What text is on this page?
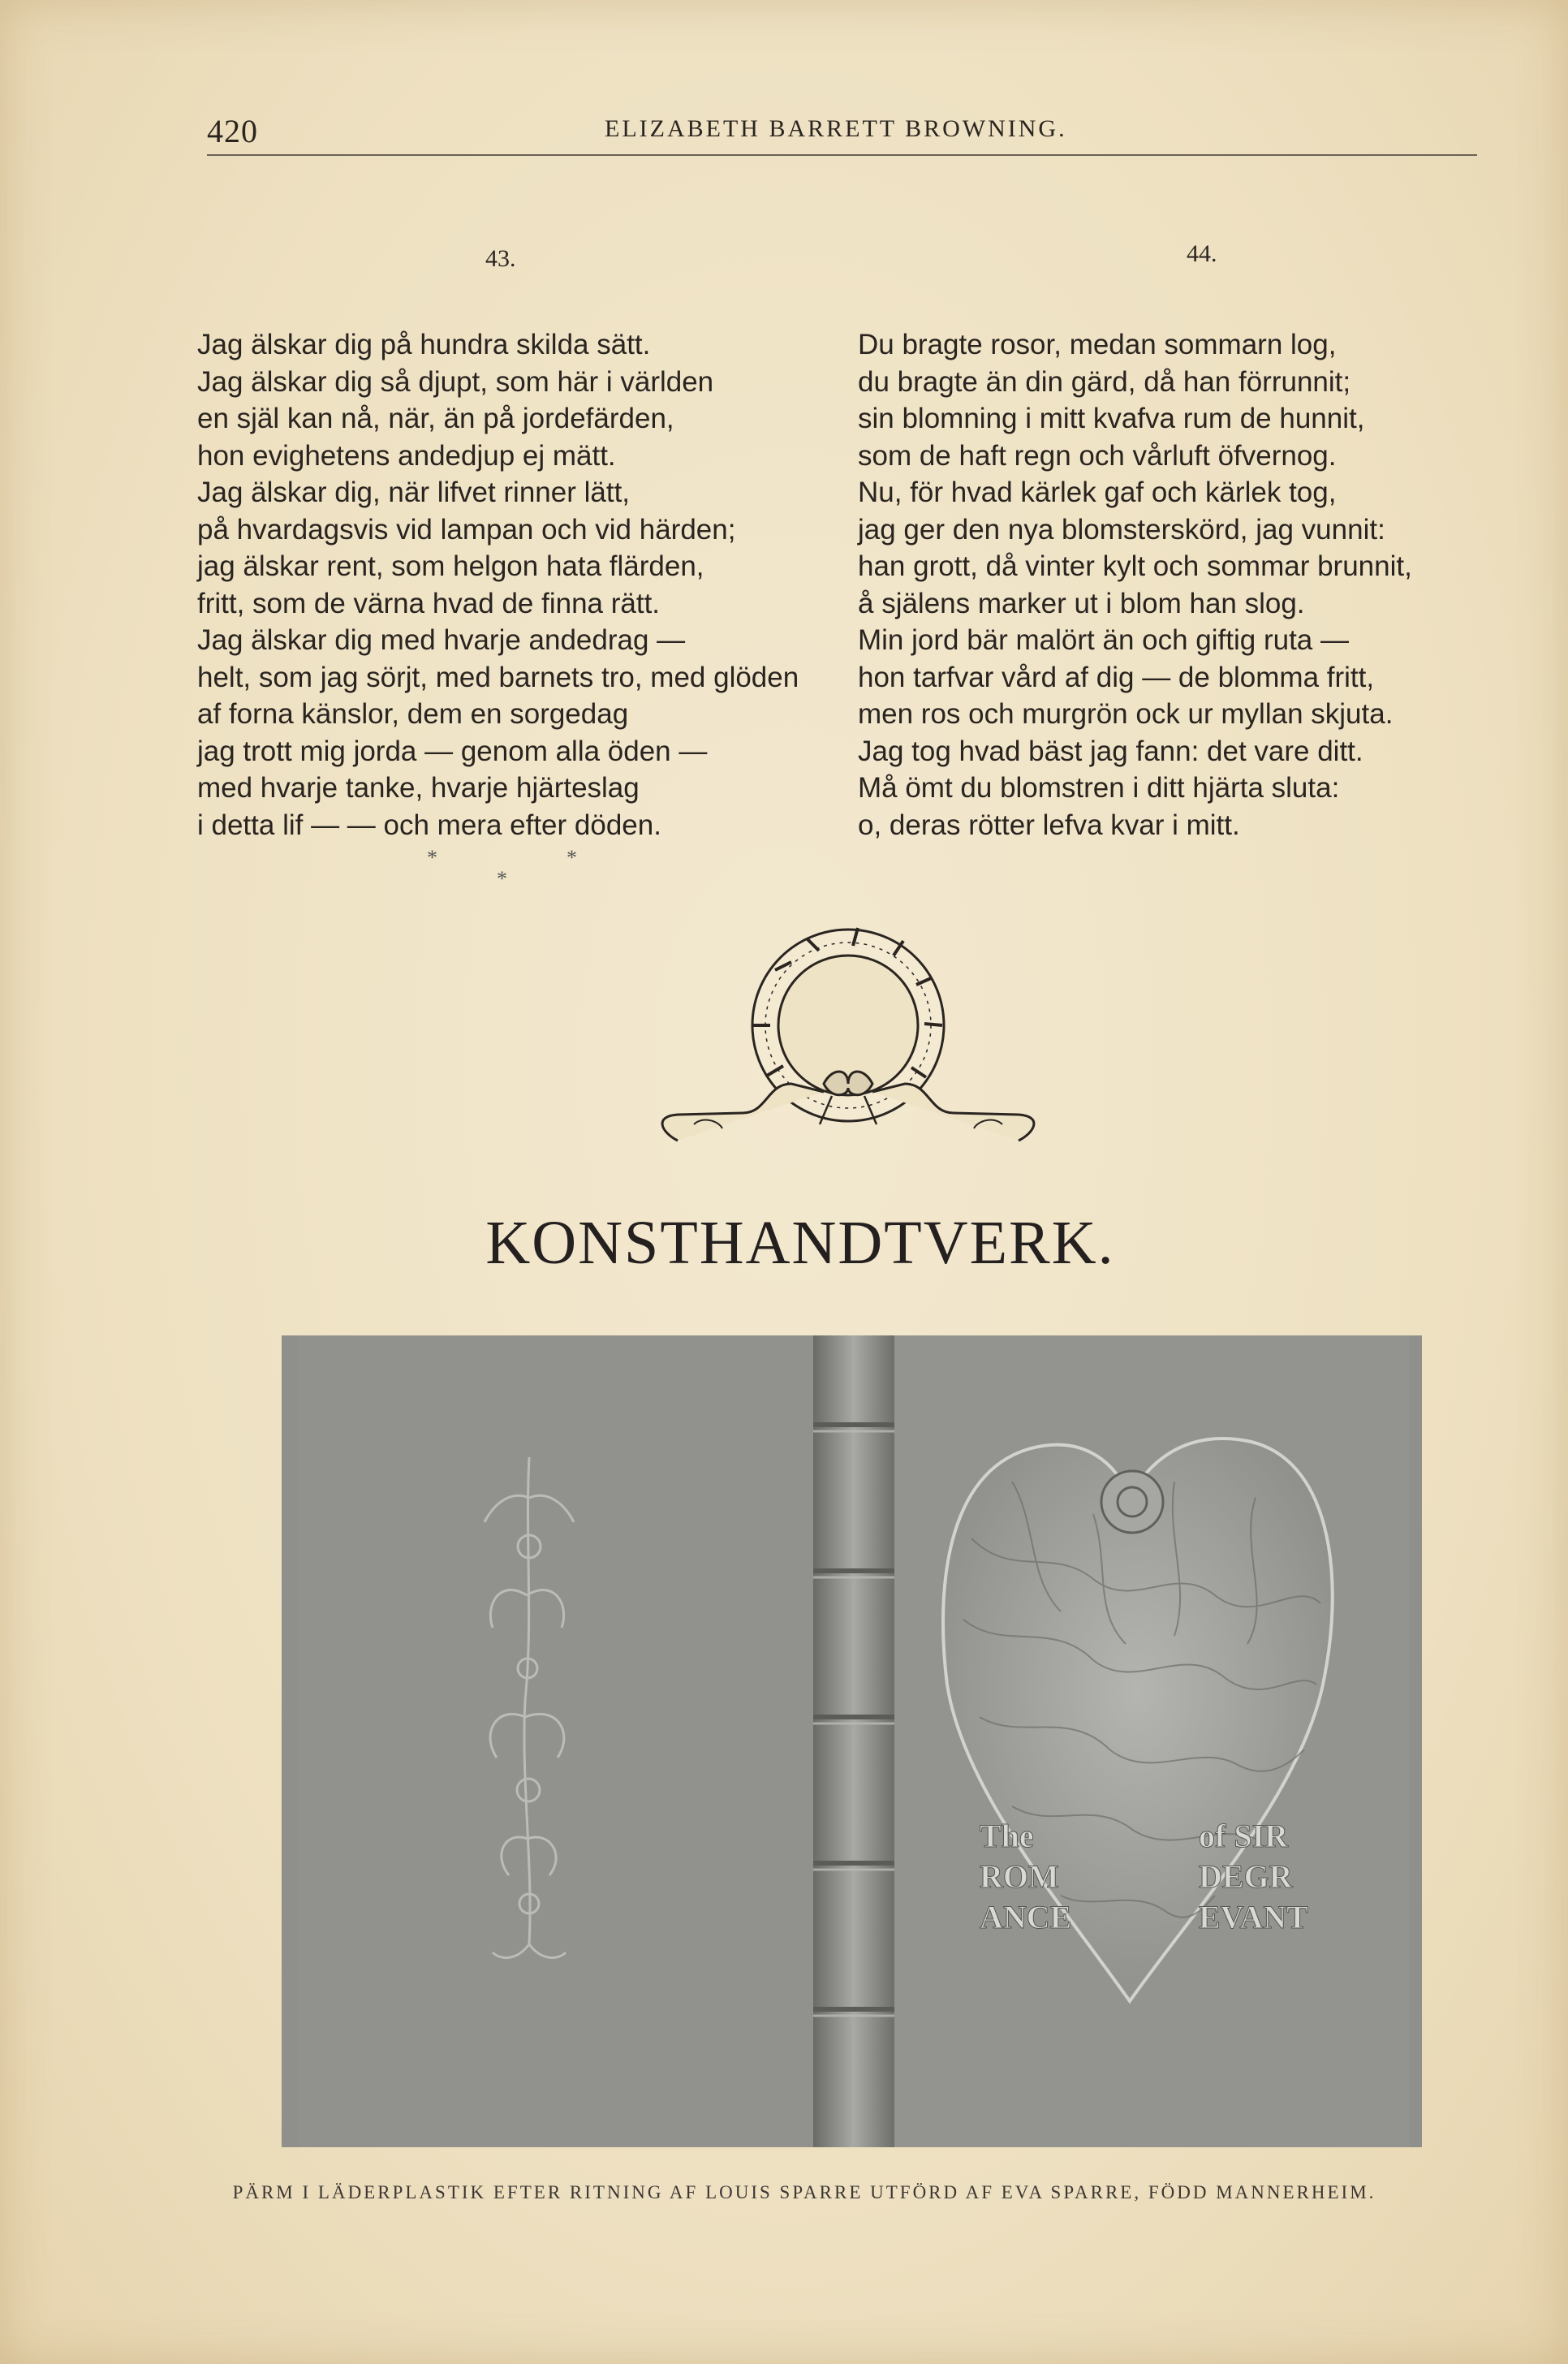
420	ELIZABETH BARRETT BROWNING.
43.	44.
Jag älskar dig på hundra skilda sätt.
Jag älskar dig så djupt, som här i världen
en själ kan nå, när, än på jordefärden,
hon evighetens andedjup ej mätt.
Jag älskar dig, när lifvet rinner lätt,
på hvardagsvis vid lampan och vid härden;
jag älskar rent, som helgon hata flärden,
fritt, som de värna hvad de finna rätt.
Jag älskar dig med hvarje andedrag —
helt, som jag sörjt, med barnets tro, med glöden
af forna känslor, dem en sorgedag
jag trott mig jorda — genom alla öden —
med hvarje tanke, hvarje hjärteslag
i detta lif — — och mera efter döden.
Du bragte rosor, medan sommarn log,
du bragte än din gärd, då han förrunnit;
sin blomning i mitt kvafva rum de hunnit,
som de haft regn och vårluft öfvernog.
Nu, för hvad kärlek gaf och kärlek tog,
jag ger den nya blomsterskörd, jag vunnit:
han grott, då vinter kylt och sommar brunnit,
å själens marker ut i blom han slog.
Min jord bär malört än och giftig ruta —
hon tarfvar vård af dig — de blomma fritt,
men ros och murgrön ock ur myllan skjuta.
Jag tog hvad bäst jag fann: det vare ditt.
Må ömt du blomstren i ditt hjärta sluta:
o, deras rötter lefva kvar i mitt.
*
*
*
KONSTHANDTVERK.
The
ROM
ANCE
of SIR
DEGR
EVANT
PÄRM I LÄDERPLASTIK EFTER RITNING AF LOUIS SPARRE UTFÖRD AF EVA SPARRE, FÖDD MANNERHEIM.
